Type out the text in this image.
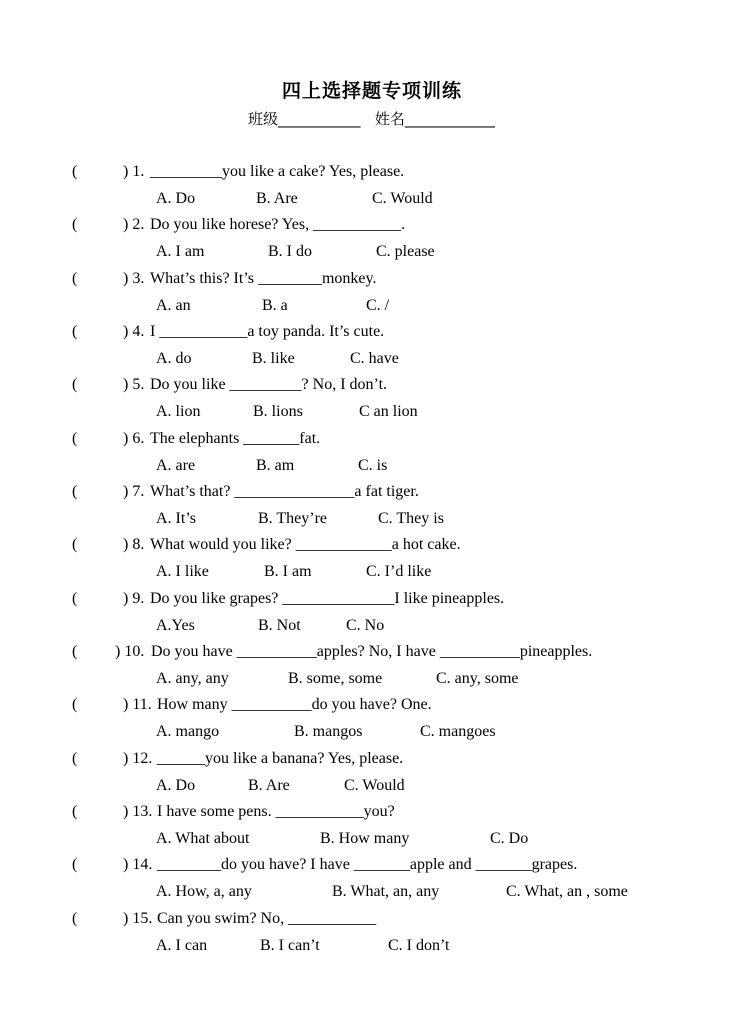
四上选择题专项训练
班级___________ 姓名____________
(	) 1. _________you like a cake? Yes, please.
A. Do	B. Are	C. Would
(	) 2. Do you like horese? Yes, ___________.
A. I am	B. I do	C. please
(	) 3. What’s this? It’s ________monkey.
A. an	B. a	C. /
(	) 4. I ___________a toy panda. It’s cute.
A. do	B. like	C. have
(	) 5. Do you like _________? No, I don’t.
A. lion	B. lions	C an lion
(	) 6. The elephants _______fat.
A. are	B. am	C. is
(	) 7. What’s that? _______________a fat tiger.
A. It’s	B. They’re	C. They is
(	) 8. What would you like? ____________a hot cake.
A. I like	B. I am	C. I’d like
(	) 9. Do you like grapes? ______________I like pineapples.
A.Yes	B. Not	C. No
( ) 10. Do you have __________apples? No, I have __________pineapples.
A. any, any	B. some, some	C. any, some
(	) 11. How many __________do you have? One.
A. mango	B. mangos	C. mangoes
(	) 12. ______you like a banana? Yes, please.
A. Do	B. Are	C. Would
(	) 13. I have some pens. ___________you?
A. What about	B. How many	C. Do
(	) 14. ________do you have? I have _______apple and _______grapes.
A. How, a, any	B. What, an, any	C. What, an , some
(	) 15. Can you swim? No, ___________
A. I can	B. I can’t	C. I don’t
